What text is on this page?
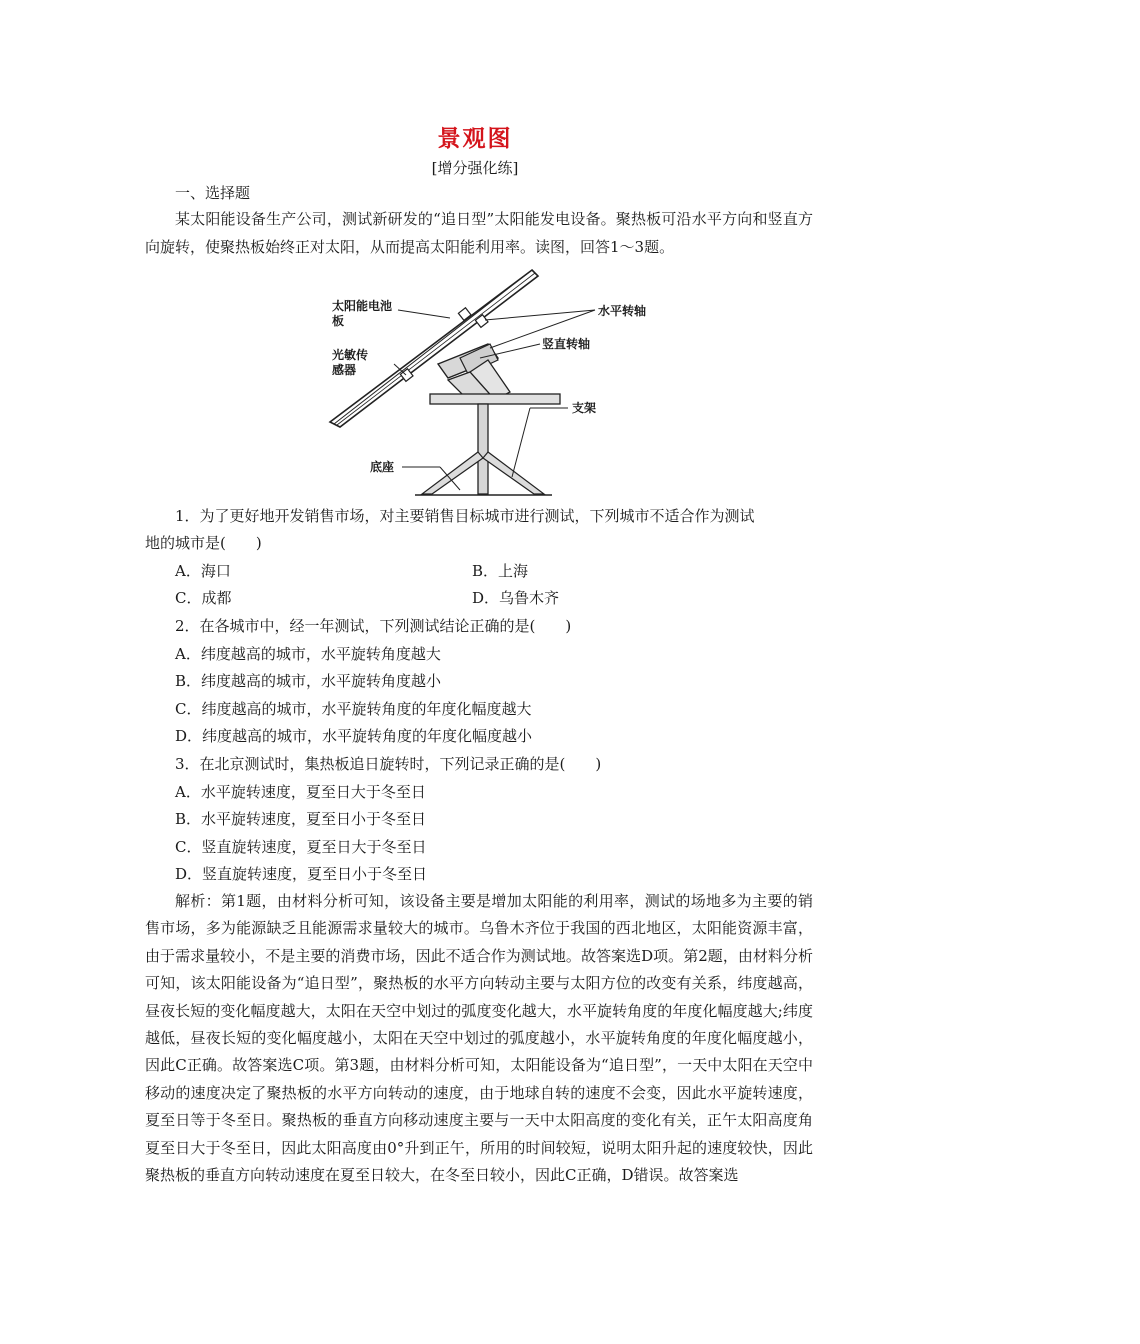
景观图
[增分强化练]
一、选择题
某太阳能设备生产公司，测试新研发的“追日型”太阳能发电设备。聚热板可沿水平方向和竖直方向旋转，使聚热板始终正对太阳，从而提高太阳能利用率。读图，回答1～3题。
太阳能电池
板
光敏传
感器
水平转轴
竖直转轴
支架
底座
1．为了更好地开发销售市场，对主要销售目标城市进行测试，下列城市不适合作为测试
地的城市是(　　)
A．海口	B．上海
C．成都	D．乌鲁木齐
2．在各城市中，经一年测试，下列测试结论正确的是(　　)
A．纬度越高的城市，水平旋转角度越大
B．纬度越高的城市，水平旋转角度越小
C．纬度越高的城市，水平旋转角度的年度化幅度越大
D．纬度越高的城市，水平旋转角度的年度化幅度越小
3．在北京测试时，集热板追日旋转时，下列记录正确的是(　　)
A．水平旋转速度，夏至日大于冬至日
B．水平旋转速度，夏至日小于冬至日
C．竖直旋转速度，夏至日大于冬至日
D．竖直旋转速度，夏至日小于冬至日
解析：第1题，由材料分析可知，该设备主要是增加太阳能的利用率，测试的场地多为主要的销售市场，多为能源缺乏且能源需求量较大的城市。乌鲁木齐位于我国的西北地区，太阳能资源丰富，由于需求量较小，不是主要的消费市场，因此不适合作为测试地。故答案选D项。第2题，由材料分析可知，该太阳能设备为“追日型”，聚热板的水平方向转动主要与太阳方位的改变有关系，纬度越高，昼夜长短的变化幅度越大，太阳在天空中划过的弧度变化越大，水平旋转角度的年度化幅度越大;纬度越低，昼夜长短的变化幅度越小，太阳在天空中划过的弧度越小，水平旋转角度的年度化幅度越小，因此C正确。故答案选C项。第3题，由材料分析可知，太阳能设备为“追日型”，一天中太阳在天空中移动的速度决定了聚热板的水平方向转动的速度，由于地球自转的速度不会变，因此水平旋转速度，夏至日等于冬至日。聚热板的垂直方向移动速度主要与一天中太阳高度的变化有关，正午太阳高度角夏至日大于冬至日，因此太阳高度由0°升到正午，所用的时间较短，说明太阳升起的速度较快，因此聚热板的垂直方向转动速度在夏至日较大，在冬至日较小，因此C正确，D错误。故答案选
